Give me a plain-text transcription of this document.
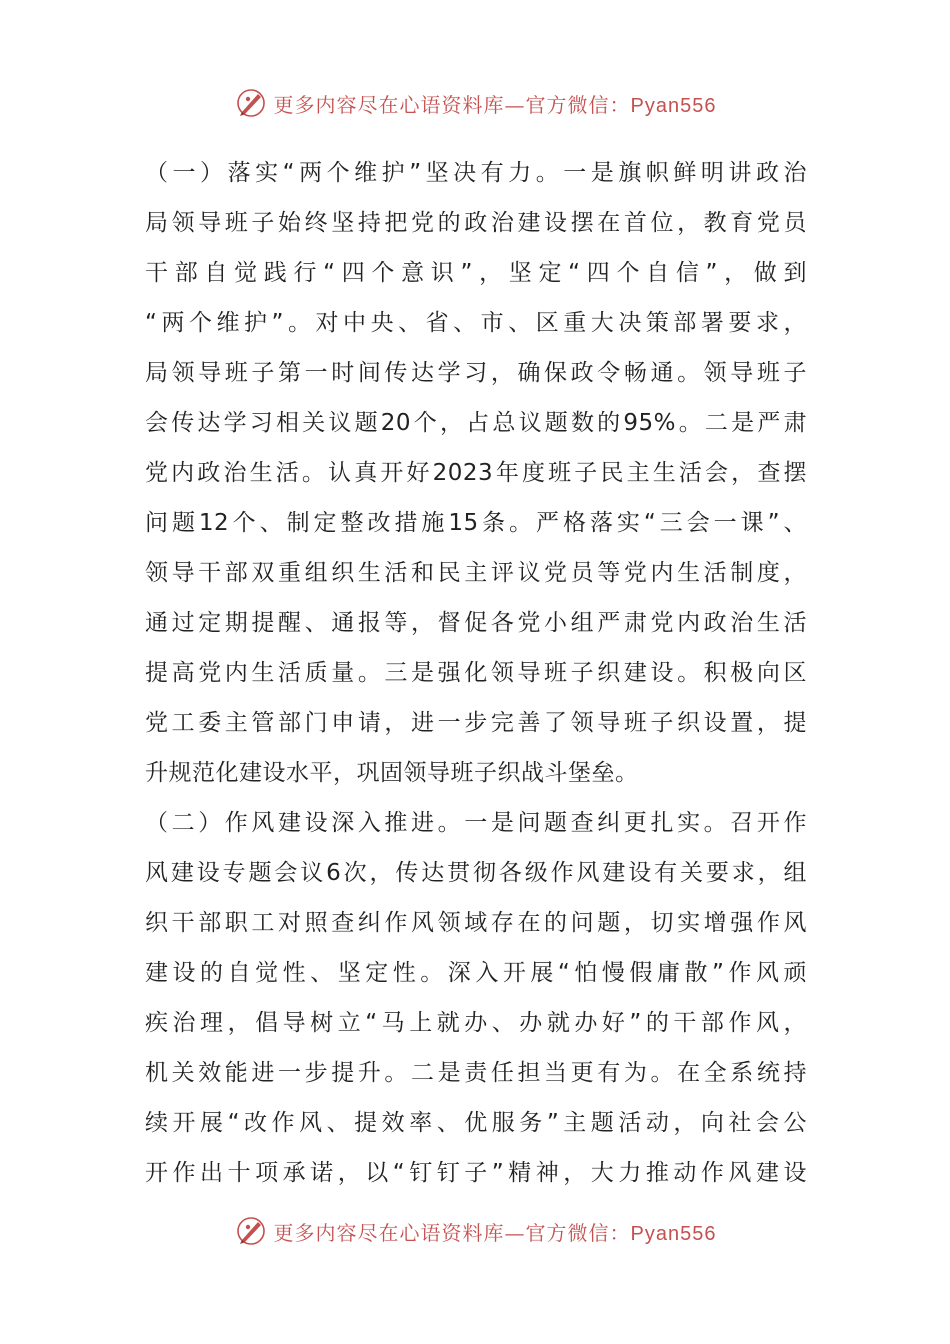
更多内容尽在心语资料库—官方微信：Pyan556
（一）落实“两个维护”坚决有力。一是旗帜鲜明讲政治
局领导班子始终坚持把党的政治建设摆在首位，教育党员
干部自觉践行“四个意识”，坚定“四个自信”，做到
“两个维护”。对中央、省、市、区重大决策部署要求，
局领导班子第一时间传达学习，确保政令畅通。领导班子
会传达学习相关议题20个，占总议题数的95%。二是严肃
党内政治生活。认真开好2023年度班子民主生活会，查摆
问题12个、制定整改措施15条。严格落实“三会一课”、
领导干部双重组织生活和民主评议党员等党内生活制度，
通过定期提醒、通报等，督促各党小组严肃党内政治生活
提高党内生活质量。三是强化领导班子织建设。积极向区
党工委主管部门申请，进一步完善了领导班子织设置，提
升规范化建设水平，巩固领导班子织战斗堡垒。
（二）作风建设深入推进。一是问题查纠更扎实。召开作
风建设专题会议6次，传达贯彻各级作风建设有关要求，组
织干部职工对照查纠作风领域存在的问题，切实增强作风
建设的自觉性、坚定性。深入开展“怕慢假庸散”作风顽
疾治理，倡导树立“马上就办、办就办好”的干部作风，
机关效能进一步提升。二是责任担当更有为。在全系统持
续开展“改作风、提效率、优服务”主题活动，向社会公
开作出十项承诺，以“钉钉子”精神，大力推动作风建设
更多内容尽在心语资料库—官方微信：Pyan556
